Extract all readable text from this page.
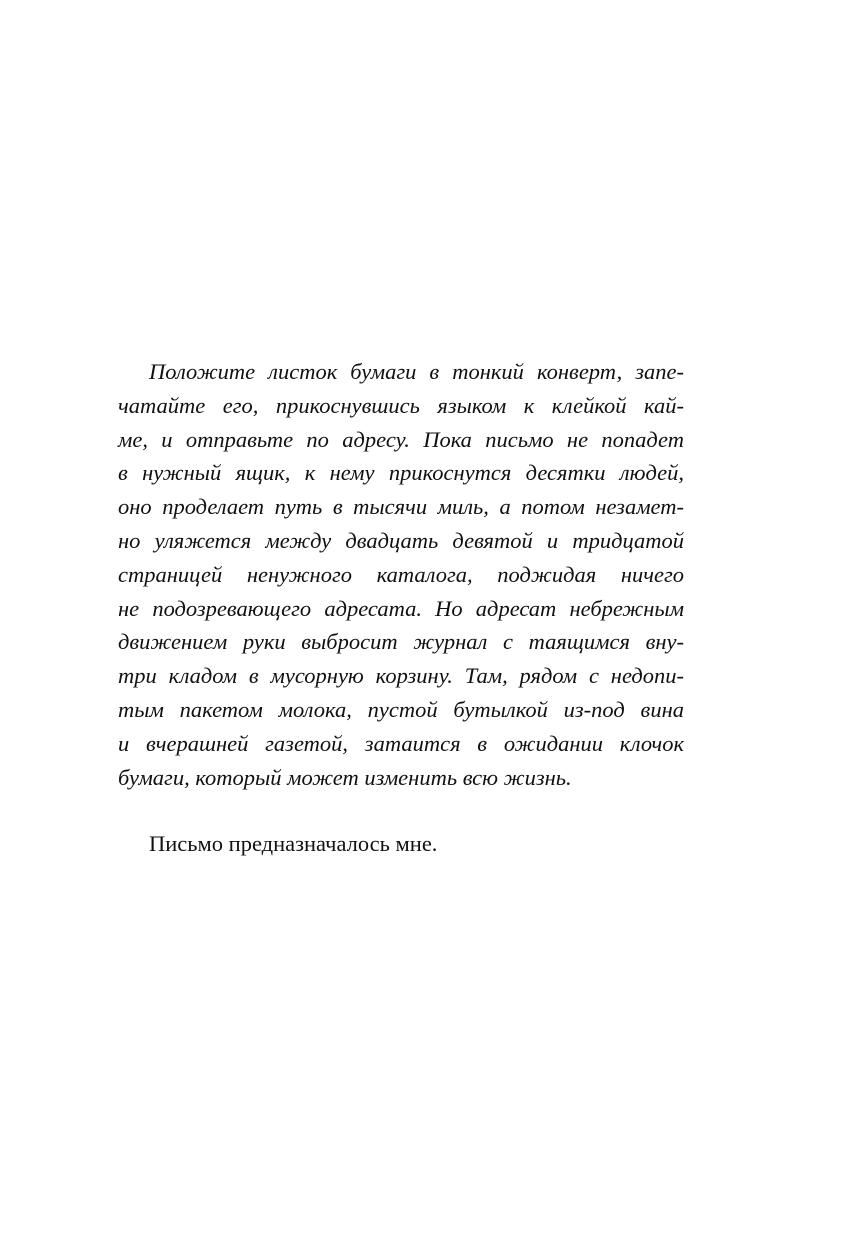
Положите листок бумаги в тонкий конверт, запе-
чатайте его, прикоснувшись языком к клейкой кай-
ме, и отправьте по адресу. Пока письмо не попадет
в нужный ящик, к нему прикоснутся десятки людей,
оно проделает путь в тысячи миль, а потом незамет-
но уляжется между двадцать девятой и тридцатой
страницей ненужного каталога, поджидая ничего
не подозревающего адресата. Но адресат небрежным
движением руки выбросит журнал с таящимся вну-
три кладом в мусорную корзину. Там, рядом с недопи-
тым пакетом молока, пустой бутылкой из-под вина
и вчерашней газетой, затаится в ожидании клочок
бумаги, который может изменить всю жизнь.

Письмо предназначалось мне.
